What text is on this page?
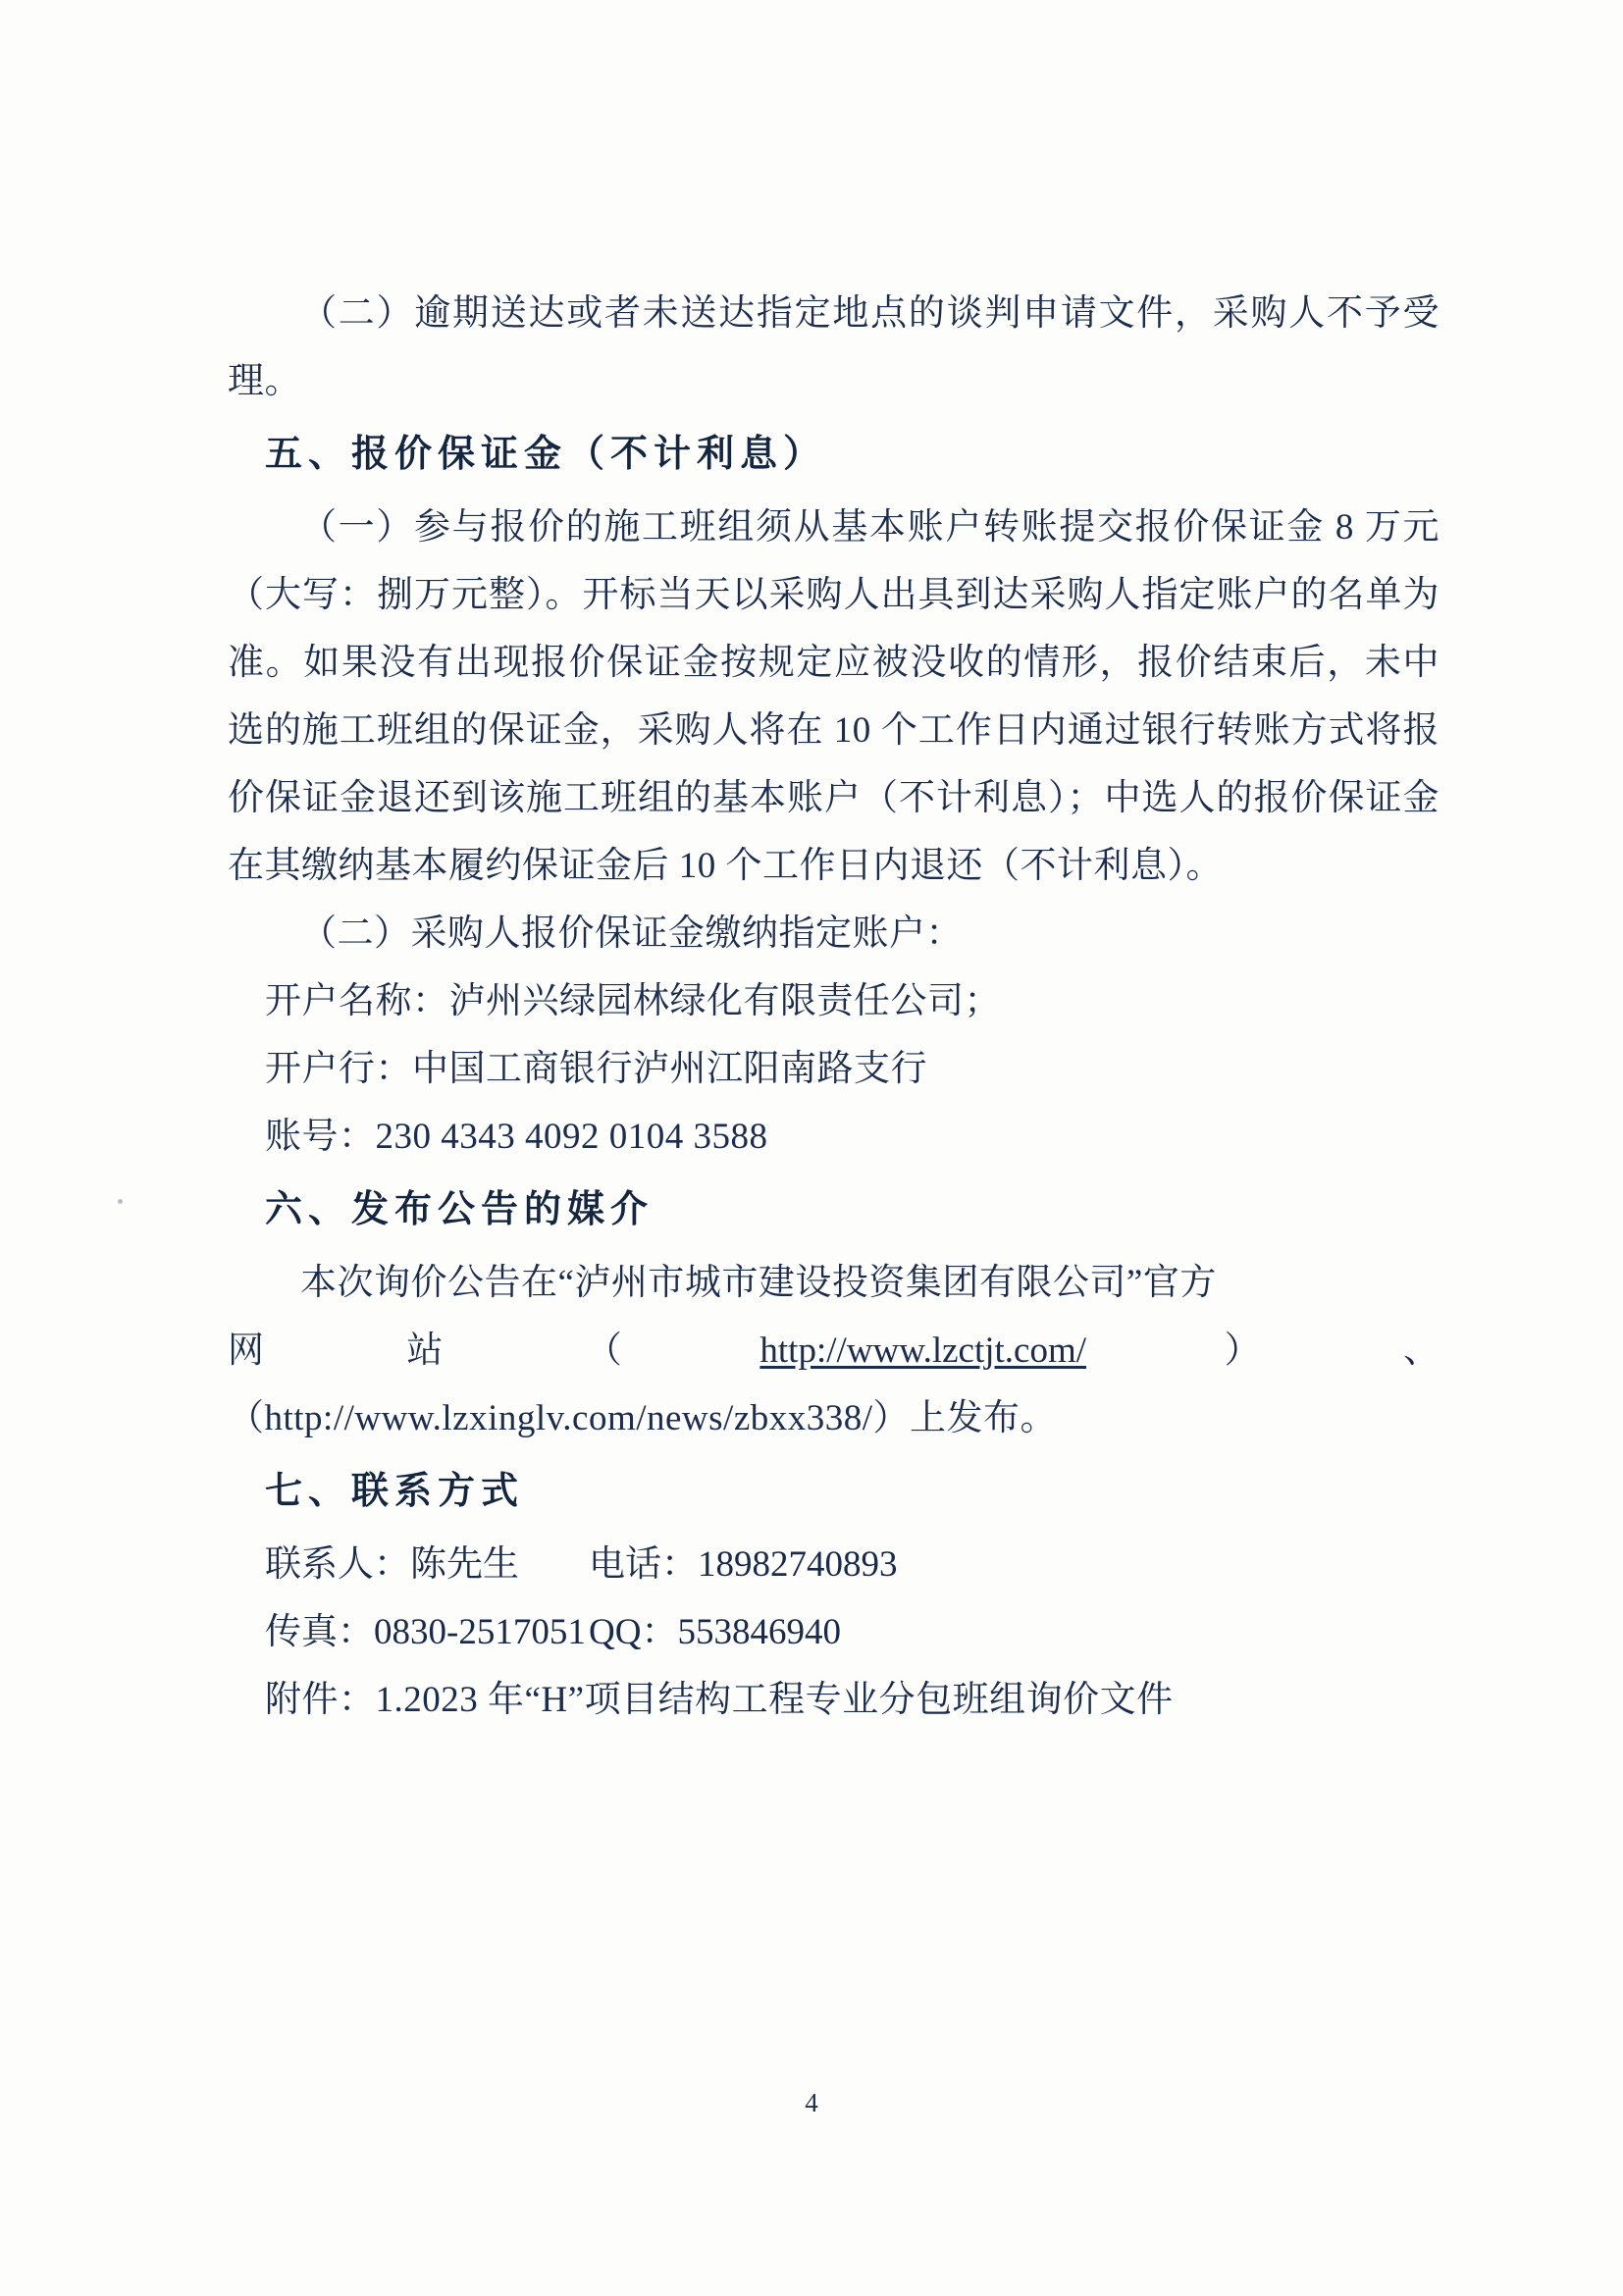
（二）逾期送达或者未送达指定地点的谈判申请文件，采购人不予受理。

五、报价保证金（不计利息）

（一）参与报价的施工班组须从基本账户转账提交报价保证金 8 万元（大写：捌万元整）。开标当天以采购人出具到达采购人指定账户的名单为准。如果没有出现报价保证金按规定应被没收的情形，报价结束后，未中选的施工班组的保证金，采购人将在 10 个工作日内通过银行转账方式将报价保证金退还到该施工班组的基本账户（不计利息）；中选人的报价保证金在其缴纳基本履约保证金后 10 个工作日内退还（不计利息）。

（二）采购人报价保证金缴纳指定账户：

开户名称：泸州兴绿园林绿化有限责任公司；

开户行：中国工商银行泸州江阳南路支行

账号：230 4343 4092 0104 3588

六、发布公告的媒介

本次询价公告在“泸州市城市建设投资集团有限公司”官方

网	站	（	http://www.lzctjt.com/	）	、

（http://www.lzxinglv.com/news/zbxx338/）上发布。

七、联系方式

联系人：陈先生	电话：18982740893
传真：0830-2517051 QQ：553846940

附件：1.2023 年“H”项目结构工程专业分包班组询价文件

4
